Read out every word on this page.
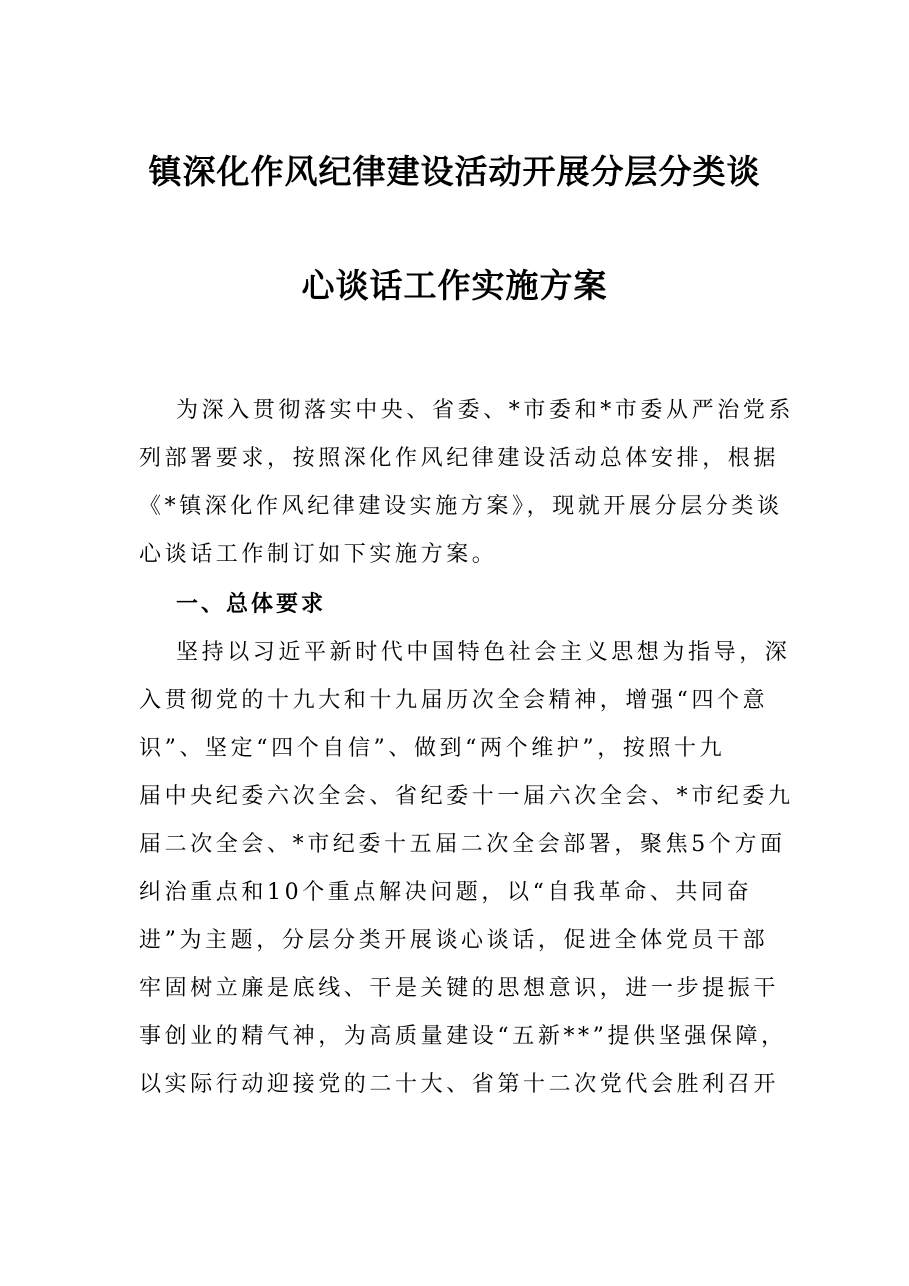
镇深化作风纪律建设活动开展分层分类谈
心谈话工作实施方案
为深入贯彻落实中央、省委、*市委和*市委从严治党系
列部署要求，按照深化作风纪律建设活动总体安排，根据
《*镇深化作风纪律建设实施方案》，现就开展分层分类谈
心谈话工作制订如下实施方案。
一、总体要求
坚持以习近平新时代中国特色社会主义思想为指导，深
入贯彻党的十九大和十九届历次全会精神，增强“四个意
识”、坚定“四个自信”、做到“两个维护”，按照十九
届中央纪委六次全会、省纪委十一届六次全会、*市纪委九
届二次全会、*市纪委十五届二次全会部署，聚焦5个方面
纠治重点和10个重点解决问题，以“自我革命、共同奋
进”为主题，分层分类开展谈心谈话，促进全体党员干部
牢固树立廉是底线、干是关键的思想意识，进一步提振干
事创业的精气神，为高质量建设“五新**”提供坚强保障，
以实际行动迎接党的二十大、省第十二次党代会胜利召开
